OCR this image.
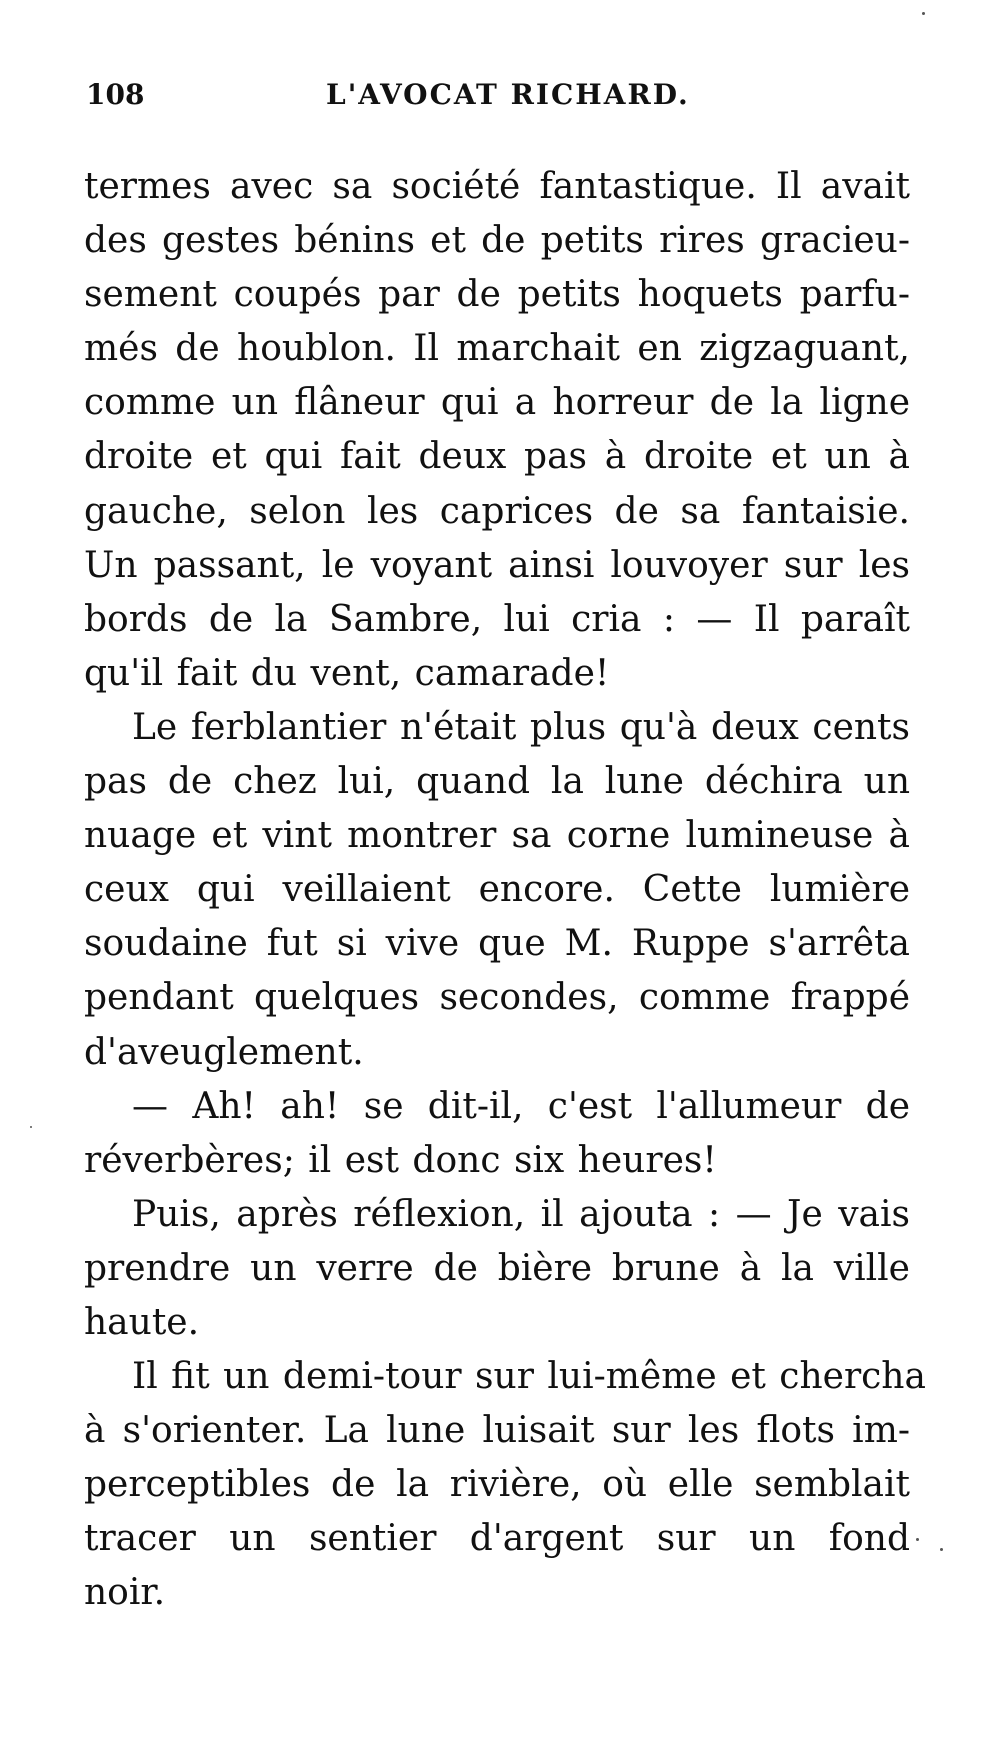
108	L'AVOCAT RICHARD.
termes avec sa société fantastique. Il avait
des gestes bénins et de petits rires gracieu-
sement coupés par de petits hoquets parfu-
més de houblon. Il marchait en zigzaguant,
comme un flâneur qui a horreur de la ligne
droite et qui fait deux pas à droite et un à
gauche, selon les caprices de sa fantaisie.
Un passant, le voyant ainsi louvoyer sur les
bords de la Sambre, lui cria : — Il paraît
qu'il fait du vent, camarade!
Le ferblantier n'était plus qu'à deux cents
pas de chez lui, quand la lune déchira un
nuage et vint montrer sa corne lumineuse à
ceux qui veillaient encore. Cette lumière
soudaine fut si vive que M. Ruppe s'arrêta
pendant quelques secondes, comme frappé
d'aveuglement.
— Ah! ah! se dit-il, c'est l'allumeur de
réverbères; il est donc six heures!
Puis, après réflexion, il ajouta : — Je vais
prendre un verre de bière brune à la ville
haute.
Il fit un demi-tour sur lui-même et chercha
à s'orienter. La lune luisait sur les flots im-
perceptibles de la rivière, où elle semblait
tracer un sentier d'argent sur un fond
noir.
